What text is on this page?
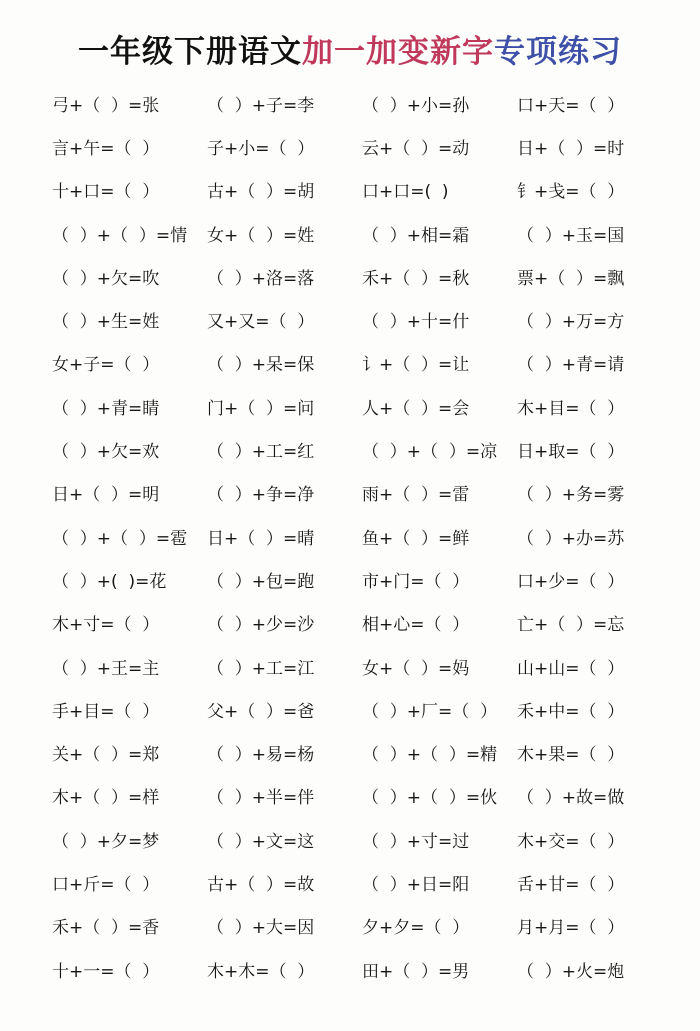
一年级下册语文加一加变新字专项练习
弓+（  ）=张	（  ）+子=李	（  ）+小=孙	口+天=（  ）
言+午=（  ）	子+小=（  ）	云+（  ）=动	日+（  ）=时
十+口=（  ）	古+（  ）=胡	口+口=(  )	钅+戋=（  ）
（  ）+（  ）=情	女+（  ）=姓	（  ）+相=霜	（  ）+玉=国
（  ）+欠=吹	（  ）+洛=落	禾+（  ）=秋	票+（  ）=飘
（  ）+生=姓	又+又=（  ）	（  ）+十=什	（  ）+万=方
女+子=（  ）	（  ）+呆=保	讠+（  ）=让	（  ）+青=请
（  ）+青=睛	门+（  ）=问	人+（  ）=会	木+目=（  ）
（  ）+欠=欢	（  ）+工=红	（  ）+（  ）=凉	日+取=（  ）
日+（  ）=明	（  ）+争=净	雨+（  ）=雷	（  ）+务=雾
（  ）+（  ）=雹	日+（  ）=晴	鱼+（  ）=鲜	（  ）+办=苏
（  ）+(  )=花	（  ）+包=跑	市+门=（  ）	口+少=（  ）
木+寸=（  ）	（  ）+少=沙	相+心=（  ）	亡+（  ）=忘
（  ）+王=主	（  ）+工=江	女+（  ）=妈	山+山=（  ）
手+目=（  ）	父+（  ）=爸	（  ）+厂=（  ）	禾+中=（  ）
关+（  ）=郑	（  ）+易=杨	（  ）+（  ）=精	木+果=（  ）
木+（  ）=样	（  ）+半=伴	（  ）+（  ）=伙	（  ）+故=做
（  ）+夕=梦	（  ）+文=这	（  ）+寸=过	木+交=（  ）
口+斤=（  ）	古+（  ）=故	（  ）+日=阳	舌+甘=（  ）
禾+（  ）=香	（  ）+大=因	夕+夕=（  ）	月+月=（  ）
十+一=（  ）	木+木=（  ）	田+（  ）=男	（  ）+火=炮
